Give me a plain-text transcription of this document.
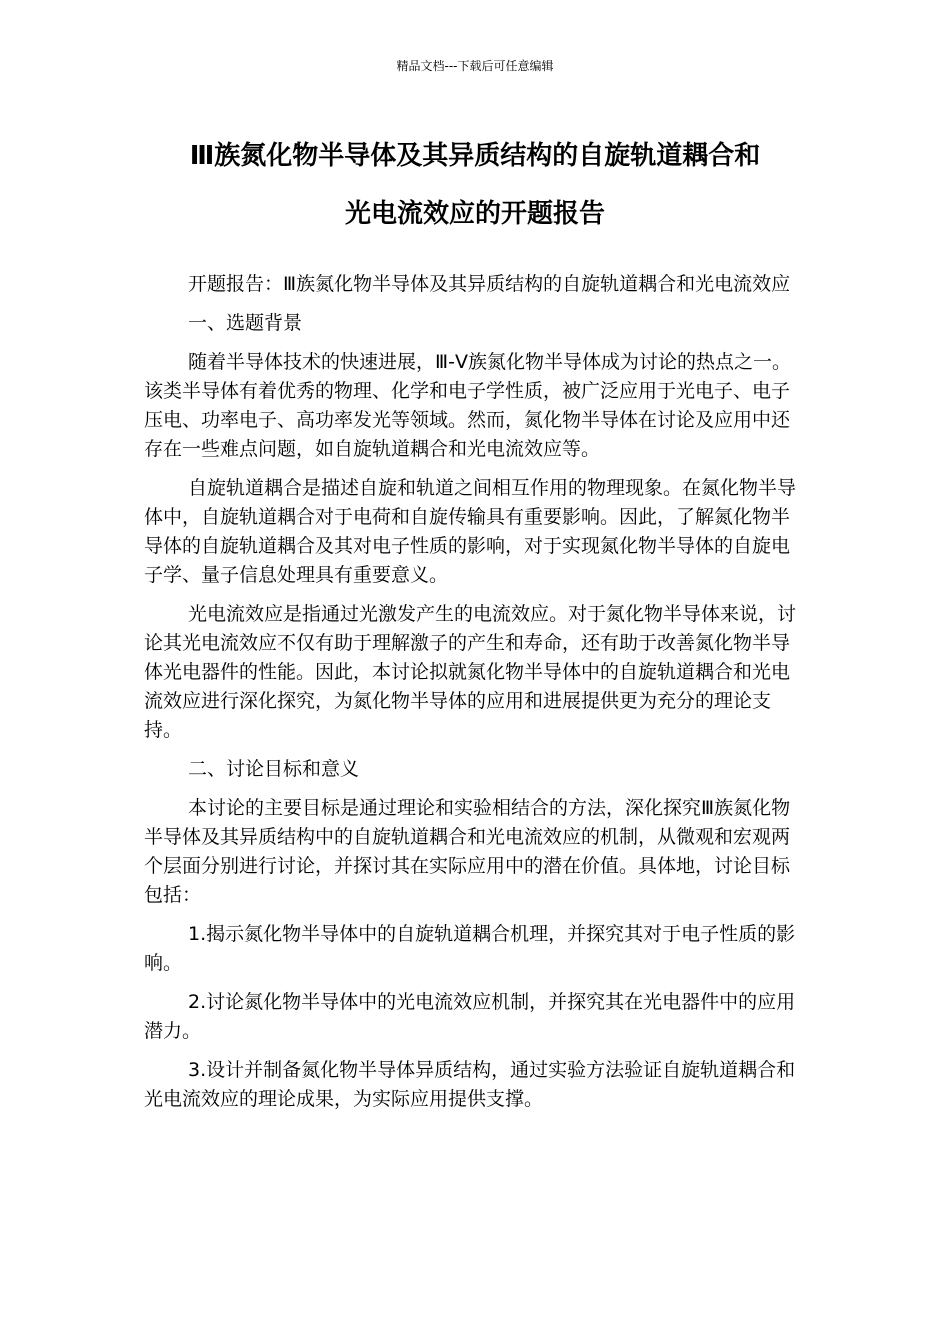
精品文档---下载后可任意编辑
Ⅲ族氮化物半导体及其异质结构的自旋轨道耦合和
光电流效应的开题报告

开题报告：Ⅲ族氮化物半导体及其异质结构的自旋轨道耦合和光电流效应

一、选题背景

随着半导体技术的快速进展，Ⅲ-Ⅴ族氮化物半导体成为讨论的热点之一。该类半导体有着优秀的物理、化学和电子学性质，被广泛应用于光电子、电子压电、功率电子、高功率发光等领域。然而，氮化物半导体在讨论及应用中还存在一些难点问题，如自旋轨道耦合和光电流效应等。

自旋轨道耦合是描述自旋和轨道之间相互作用的物理现象。在氮化物半导体中，自旋轨道耦合对于电荷和自旋传输具有重要影响。因此，了解氮化物半导体的自旋轨道耦合及其对电子性质的影响，对于实现氮化物半导体的自旋电子学、量子信息处理具有重要意义。

光电流效应是指通过光激发产生的电流效应。对于氮化物半导体来说，讨论其光电流效应不仅有助于理解激子的产生和寿命，还有助于改善氮化物半导体光电器件的性能。因此，本讨论拟就氮化物半导体中的自旋轨道耦合和光电流效应进行深化探究，为氮化物半导体的应用和进展提供更为充分的理论支持。

二、讨论目标和意义

本讨论的主要目标是通过理论和实验相结合的方法，深化探究Ⅲ族氮化物半导体及其异质结构中的自旋轨道耦合和光电流效应的机制，从微观和宏观两个层面分别进行讨论，并探讨其在实际应用中的潜在价值。具体地，讨论目标包括：

1.揭示氮化物半导体中的自旋轨道耦合机理，并探究其对于电子性质的影响。

2.讨论氮化物半导体中的光电流效应机制，并探究其在光电器件中的应用潜力。

3.设计并制备氮化物半导体异质结构，通过实验方法验证自旋轨道耦合和光电流效应的理论成果，为实际应用提供支撑。
